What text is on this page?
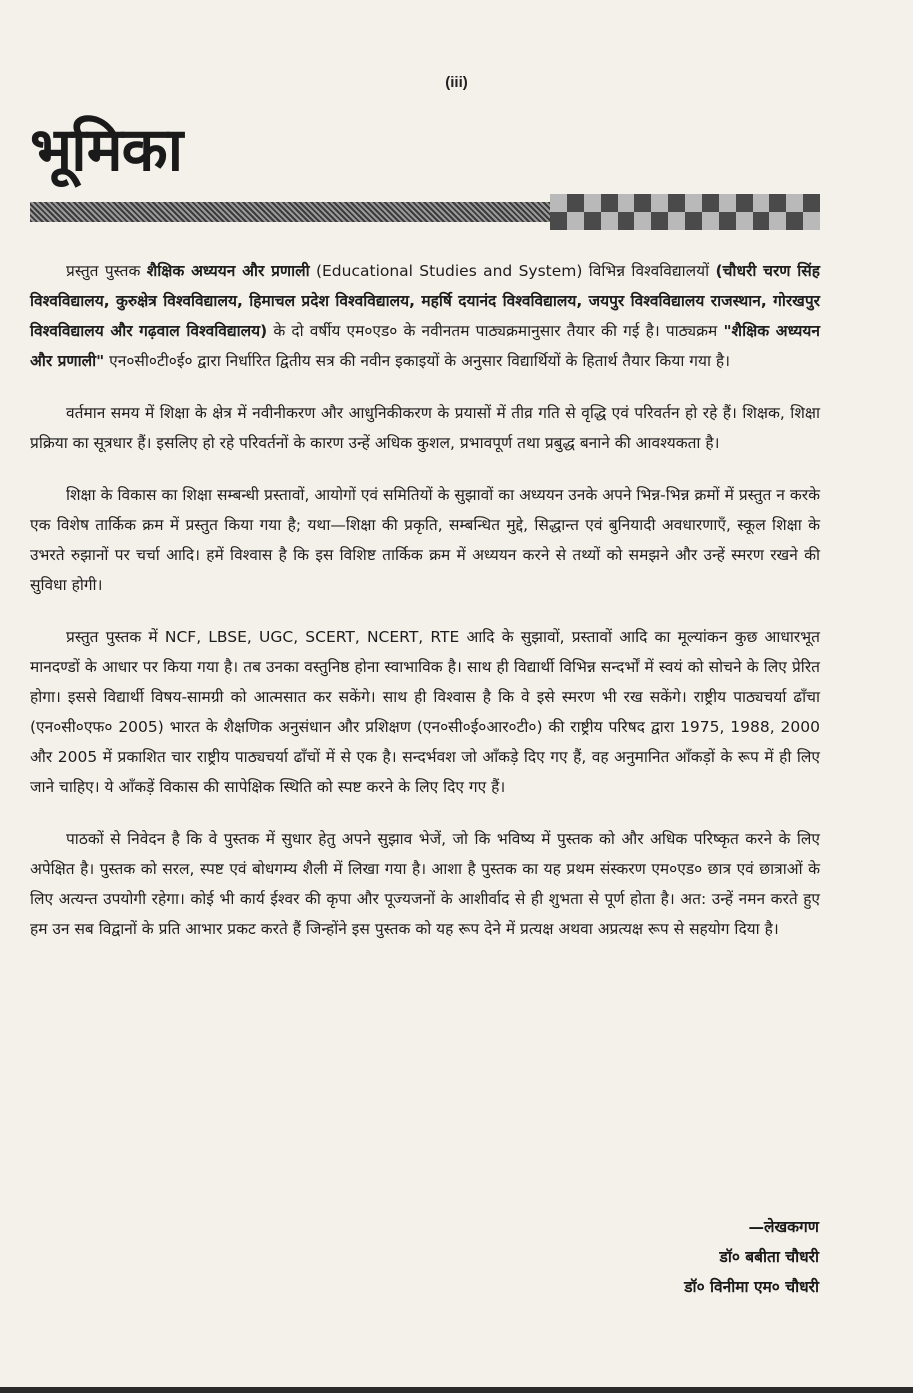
(iii)
भूमिका

प्रस्तुत पुस्तक शैक्षिक अध्ययन और प्रणाली (Educational Studies and System) विभिन्न विश्वविद्यालयों (चौधरी चरण सिंह विश्वविद्यालय, कुरुक्षेत्र विश्वविद्यालय, हिमाचल प्रदेश विश्वविद्यालय, महर्षि दयानंद विश्वविद्यालय, जयपुर विश्वविद्यालय राजस्थान, गोरखपुर विश्वविद्यालय और गढ़वाल विश्वविद्यालय) के दो वर्षीय एम०एड० के नवीनतम पाठ्यक्रमानुसार तैयार की गई है। पाठ्यक्रम "शैक्षिक अध्ययन और प्रणाली" एन०सी०टी०ई० द्वारा निर्धारित द्वितीय सत्र की नवीन इकाइयों के अनुसार विद्यार्थियों के हितार्थ तैयार किया गया है।

वर्तमान समय में शिक्षा के क्षेत्र में नवीनीकरण और आधुनिकीकरण के प्रयासों में तीव्र गति से वृद्धि एवं परिवर्तन हो रहे हैं। शिक्षक, शिक्षा प्रक्रिया का सूत्रधार हैं। इसलिए हो रहे परिवर्तनों के कारण उन्हें अधिक कुशल, प्रभावपूर्ण तथा प्रबुद्ध बनाने की आवश्यकता है।

शिक्षा के विकास का शिक्षा सम्बन्धी प्रस्तावों, आयोगों एवं समितियों के सुझावों का अध्ययन उनके अपने भिन्न-भिन्न क्रमों में प्रस्तुत न करके एक विशेष तार्किक क्रम में प्रस्तुत किया गया है; यथा—शिक्षा की प्रकृति, सम्बन्धित मुद्दे, सिद्धान्त एवं बुनियादी अवधारणाएँ, स्कूल शिक्षा के उभरते रुझानों पर चर्चा आदि। हमें विश्वास है कि इस विशिष्ट तार्किक क्रम में अध्ययन करने से तथ्यों को समझने और उन्हें स्मरण रखने की सुविधा होगी।

प्रस्तुत पुस्तक में NCF, LBSE, UGC, SCERT, NCERT, RTE आदि के सुझावों, प्रस्तावों आदि का मूल्यांकन कुछ आधारभूत मानदण्डों के आधार पर किया गया है। तब उनका वस्तुनिष्ठ होना स्वाभाविक है। साथ ही विद्यार्थी विभिन्न सन्दर्भों में स्वयं को सोचने के लिए प्रेरित होगा। इससे विद्यार्थी विषय-सामग्री को आत्मसात कर सकेंगे। साथ ही विश्वास है कि वे इसे स्मरण भी रख सकेंगे। राष्ट्रीय पाठ्यचर्या ढाँचा (एन०सी०एफ० 2005) भारत के शैक्षणिक अनुसंधान और प्रशिक्षण (एन०सी०ई०आर०टी०) की राष्ट्रीय परिषद द्वारा 1975, 1988, 2000 और 2005 में प्रकाशित चार राष्ट्रीय पाठ्यचर्या ढाँचों में से एक है। सन्दर्भवश जो आँकड़े दिए गए हैं, वह अनुमानित आँकड़ों के रूप में ही लिए जाने चाहिए। ये आँकड़ें विकास की सापेक्षिक स्थिति को स्पष्ट करने के लिए दिए गए हैं।

पाठकों से निवेदन है कि वे पुस्तक में सुधार हेतु अपने सुझाव भेजें, जो कि भविष्य में पुस्तक को और अधिक परिष्कृत करने के लिए अपेक्षित है। पुस्तक को सरल, स्पष्ट एवं बोधगम्य शैली में लिखा गया है। आशा है पुस्तक का यह प्रथम संस्करण एम०एड० छात्र एवं छात्राओं के लिए अत्यन्त उपयोगी रहेगा। कोई भी कार्य ईश्वर की कृपा और पूज्यजनों के आशीर्वाद से ही शुभता से पूर्ण होता है। अत: उन्हें नमन करते हुए हम उन सब विद्वानों के प्रति आभार प्रकट करते हैं जिन्होंने इस पुस्तक को यह रूप देने में प्रत्यक्ष अथवा अप्रत्यक्ष रूप से सहयोग दिया है।

—लेखकगण
डॉ० बबीता चौधरी
डॉ० विनीमा एम० चौधरी
